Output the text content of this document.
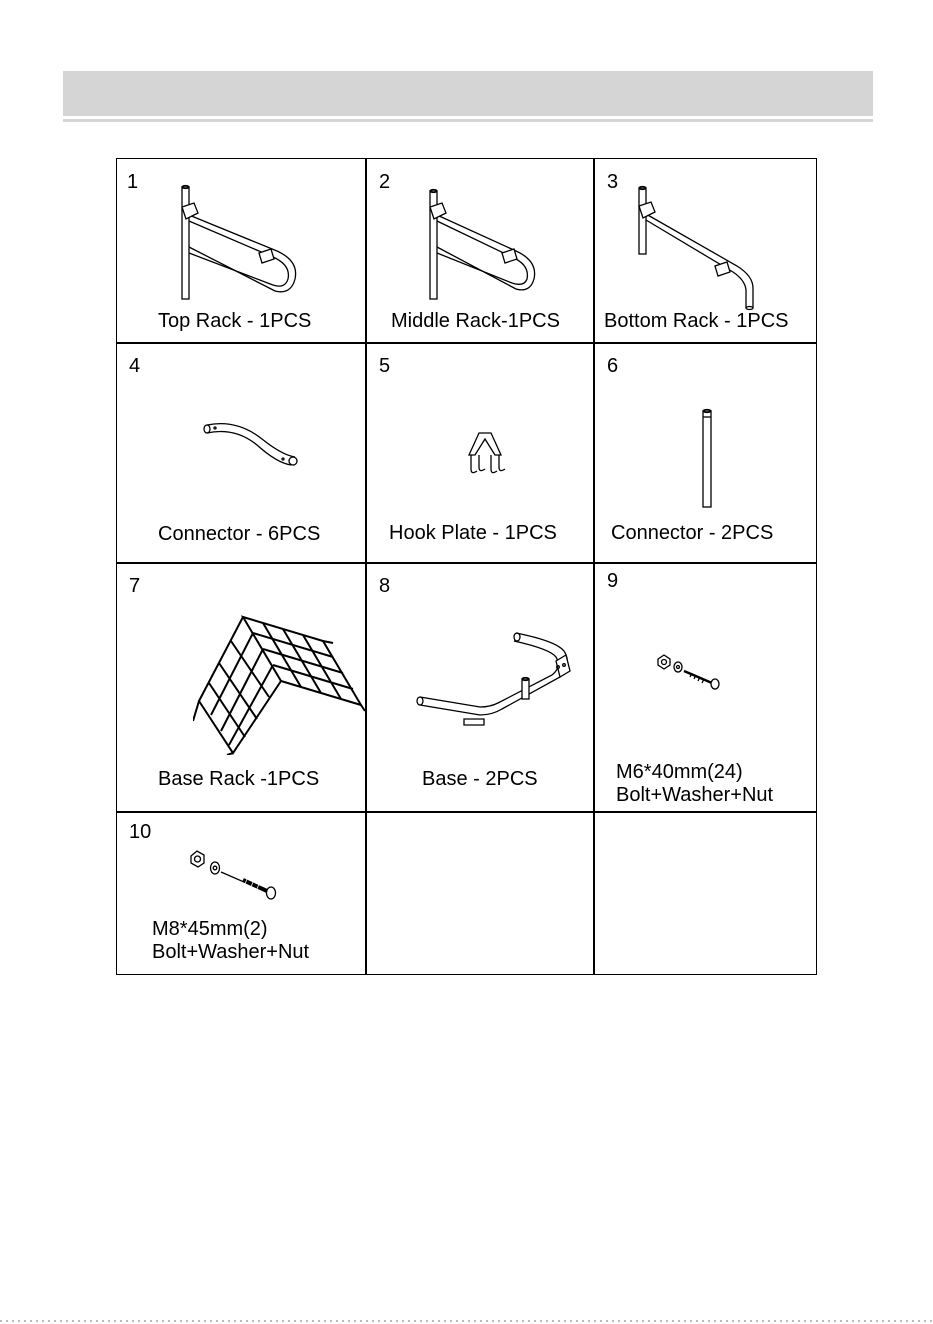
1
Top Rack - 1PCS
2
Middle Rack-1PCS
3
Bottom Rack - 1PCS
4
Connector - 6PCS
5
Hook Plate - 1PCS
6
Connector - 2PCS
7
Base Rack -1PCS
8
Base - 2PCS
9
M6*40mm(24)
Bolt+Washer+Nut
10
M8*45mm(2)
Bolt+Washer+Nut
